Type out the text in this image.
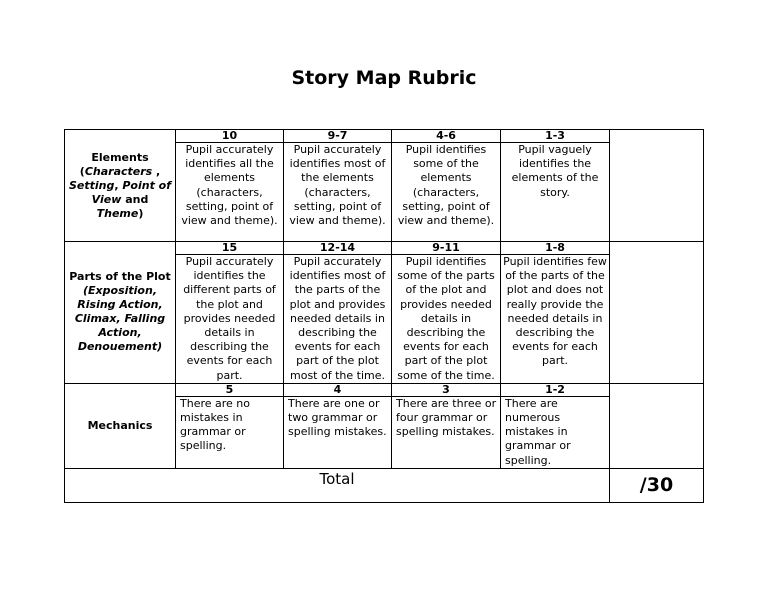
Story Map Rubric
Elements
(Characters , Setting, Point of View and Theme)	10	9-7	4-6	1-3	
	Pupil accurately identifies all the elements (characters, setting, point of view and theme).	Pupil accurately identifies most of the elements (characters, setting, point of view and theme).	Pupil identifies some of the elements (characters, setting, point of view and theme).	Pupil vaguely identifies the elements of the story.	
Parts of the Plot
(Exposition, Rising Action, Climax, Falling Action, Denouement)	15	12-14	9-11	1-8	
	Pupil accurately identifies the different parts of the plot and provides needed details in describing the events for each part.	Pupil accurately identifies most of the parts of the plot and provides needed details in describing the events for each part of the plot most of the time.	Pupil identifies some of the parts of the plot and provides needed details in describing the events for each part of the plot some of the time.	Pupil identifies few of the parts of the plot and does not really provide the needed details in describing the events for each part.	
Mechanics	5	4	3	1-2	
	There are no mistakes in grammar or spelling.	There are one or two grammar or spelling mistakes.	There are three or four grammar or spelling mistakes.	There are numerous mistakes in grammar or spelling.	
Total					/30
